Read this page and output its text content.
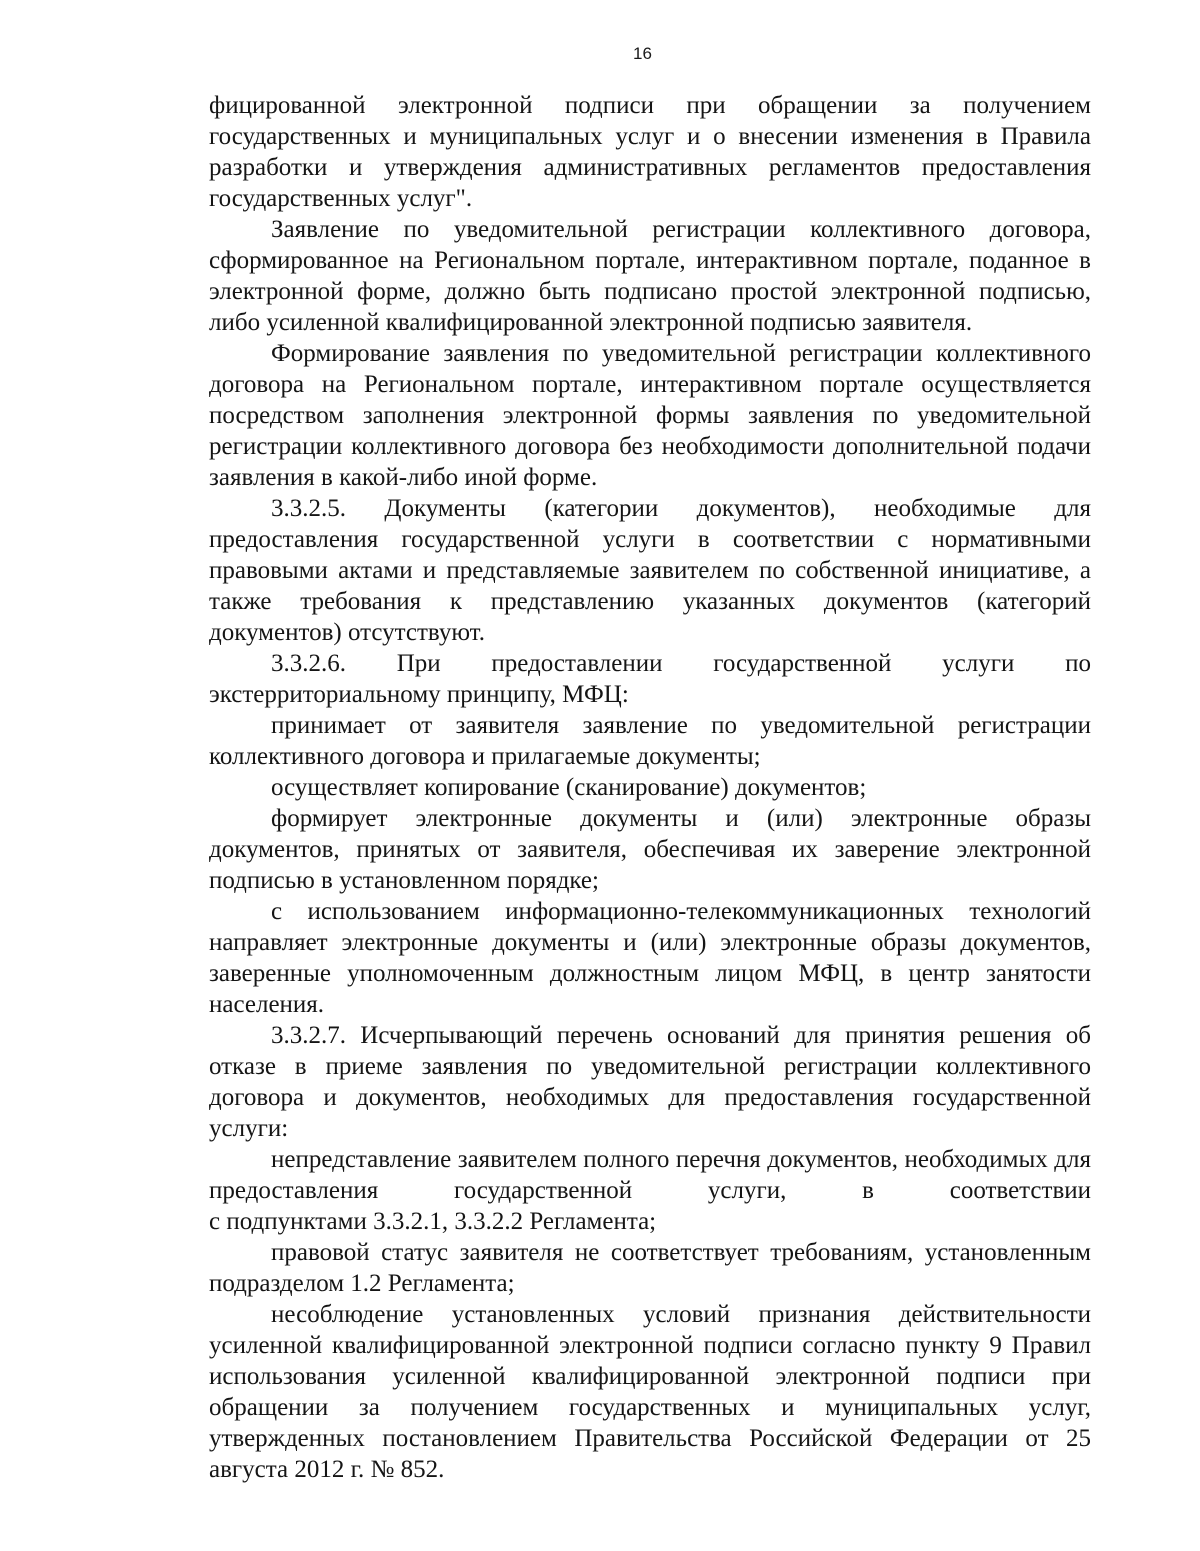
16

фицированной электронной подписи при обращении за получением государственных и муниципальных услуг и о внесении изменения в Правила разработки и утверждения административных регламентов предоставления государственных услуг".

Заявление по уведомительной регистрации коллективного договора, сформированное на Региональном портале, интерактивном портале, поданное в электронной форме, должно быть подписано простой электронной подписью, либо усиленной квалифицированной электронной подписью заявителя.

Формирование заявления по уведомительной регистрации коллективного договора на Региональном портале, интерактивном портале осуществляется посредством заполнения электронной формы заявления по уведомительной регистрации коллективного договора без необходимости дополнительной подачи заявления в какой-либо иной форме.

3.3.2.5. Документы (категории документов), необходимые для предоставления государственной услуги в соответствии с нормативными правовыми актами и представляемые заявителем по собственной инициативе, а также требования к представлению указанных документов (категорий документов) отсутствуют.

3.3.2.6. При предоставлении государственной услуги по экстерриториальному принципу, МФЦ:

принимает от заявителя заявление по уведомительной регистрации коллективного договора и прилагаемые документы;

осуществляет копирование (сканирование) документов;

формирует электронные документы и (или) электронные образы документов, принятых от заявителя, обеспечивая их заверение электронной подписью в установленном порядке;

с использованием информационно-телекоммуникационных технологий направляет электронные документы и (или) электронные образы документов, заверенные уполномоченным должностным лицом МФЦ, в центр занятости населения.

3.3.2.7. Исчерпывающий перечень оснований для принятия решения об отказе в приеме заявления по уведомительной регистрации коллективного договора и документов, необходимых для предоставления государственной услуги:

непредставление заявителем полного перечня документов, необходимых для предоставления государственной услуги, в соответствии

с подпунктами 3.3.2.1, 3.3.2.2 Регламента;

правовой статус заявителя не соответствует требованиям, установленным подразделом 1.2 Регламента;

несоблюдение установленных условий признания действительности усиленной квалифицированной электронной подписи согласно пункту 9 Правил использования усиленной квалифицированной электронной подписи при обращении за получением государственных и муниципальных услуг, утвержденных постановлением Правительства Российской Федерации от 25 августа 2012 г. № 852.
